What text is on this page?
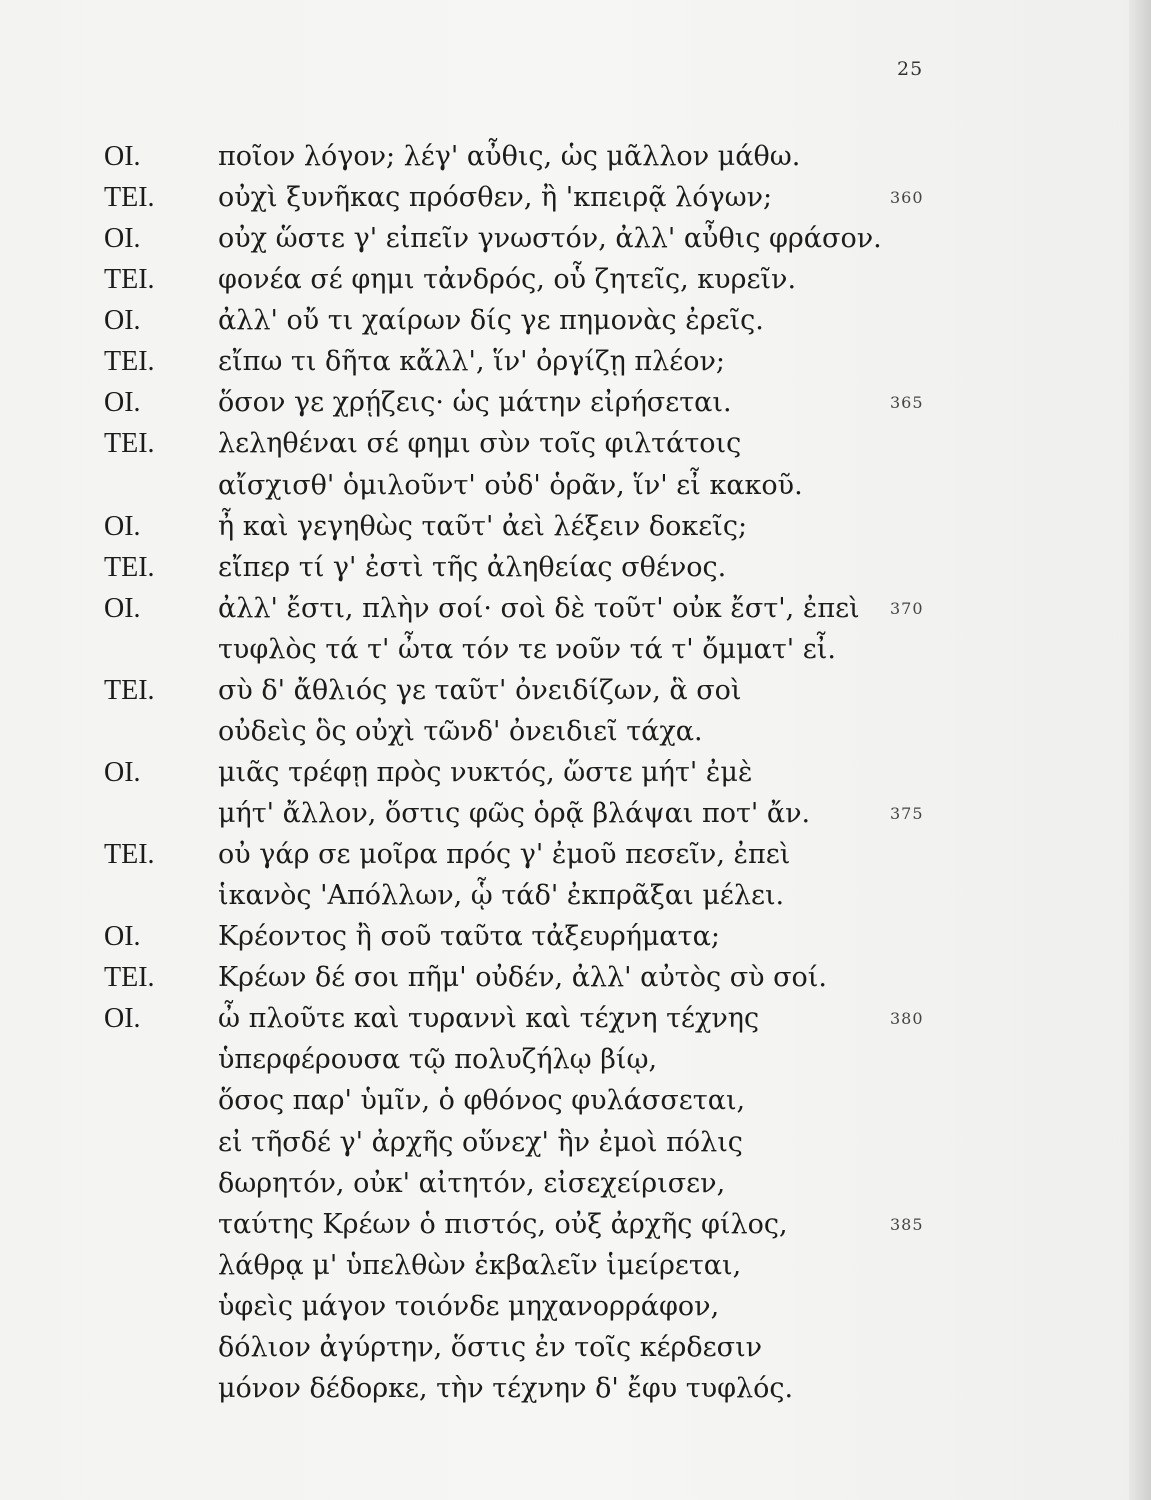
25
OI.	ποῖον λόγον; λέγ' αὖθις, ὡς μᾶλλον μάθω.
TEI. οὐχὶ ξυνῆκας πρόσθεν, ἢ 'κπειρᾷ λόγων;	360
OI.	οὐχ ὥστε γ' εἰπεῖν γνωστόν, ἀλλ' αὖθις φράσον.
TEI. φονέα σέ φημι τἀνδρός, οὗ ζητεῖς, κυρεῖν.
OI.	ἀλλ' οὔ τι χαίρων δίς γε πημονὰς ἐρεῖς.
TEI. εἴπω τι δῆτα κἄλλ', ἵν' ὀργίζῃ πλέον;
OI.	ὅσον γε χρῄζεις· ὡς μάτην εἰρήσεται.	365
TEI. λεληθέναι σέ φημι σὺν τοῖς φιλτάτοις
αἴσχισθ' ὁμιλοῦντ' οὐδ' ὁρᾶν, ἵν' εἶ κακοῦ.
OI.	ἦ καὶ γεγηθὼς ταῦτ' ἀεὶ λέξειν δοκεῖς;
TEI. εἴπερ τί γ' ἐστὶ τῆς ἀληθείας σθένος.
OI.	ἀλλ' ἔστι, πλὴν σοί· σοὶ δὲ τοῦτ' οὐκ ἔστ', ἐπεὶ 370
τυφλὸς τά τ' ὦτα τόν τε νοῦν τά τ' ὄμματ' εἶ.
TEI. σὺ δ' ἄθλιός γε ταῦτ' ὀνειδίζων, ἃ σοὶ
οὐδεὶς ὃς οὐχὶ τῶνδ' ὀνειδιεῖ τάχα.
OI.	μιᾶς τρέφῃ πρὸς νυκτός, ὥστε μήτ' ἐμὲ
μήτ' ἄλλον, ὅστις φῶς ὁρᾷ βλάψαι ποτ' ἄν.	375
TEI. οὐ γάρ σε μοῖρα πρός γ' ἐμοῦ πεσεῖν, ἐπεὶ
ἱκανὸς 'Απόλλων, ᾧ τάδ' ἐκπρᾶξαι μέλει.
OI.	Κρέοντος ἢ σοῦ ταῦτα τἀξευρήματα;
TEI. Κρέων δέ σοι πῆμ' οὐδέν, ἀλλ' αὐτὸς σὺ σοί.
OI.	ὦ πλοῦτε καὶ τυραννὶ καὶ τέχνη τέχνης	380
ὑπερφέρουσα τῷ πολυζήλῳ βίῳ,
ὅσος παρ' ὑμῖν, ὁ φθόνος φυλάσσεται,
εἰ τῆσδέ γ' ἀρχῆς οὕνεχ' ἣν ἐμοὶ πόλις
δωρητόν, οὐκ' αἰτητόν, εἰσεχείρισεν,
ταύτης Κρέων ὁ πιστός, οὐξ ἀρχῆς φίλος,	385
λάθρᾳ μ' ὑπελθὼν ἐκβαλεῖν ἱμείρεται,
ὑφεὶς μάγον τοιόνδε μηχανορράφον,
δόλιον ἀγύρτην, ὅστις ἐν τοῖς κέρδεσιν
μόνον δέδορκε, τὴν τέχνην δ' ἔφυ τυφλός.
